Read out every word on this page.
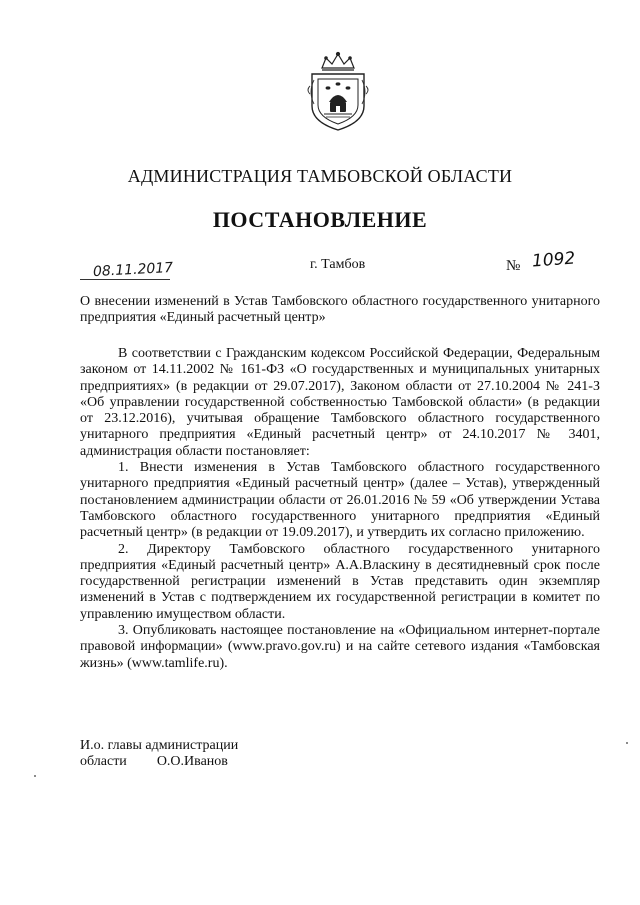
АДМИНИСТРАЦИЯ ТАМБОВСКОЙ ОБЛАСТИ
ПОСТАНОВЛЕНИЕ
08.11.2017	г. Тамбов	№ 1092
О внесении изменений в Устав Тамбовского областного государственного унитарного предприятия «Единый расчетный центр»

В соответствии с Гражданским кодексом Российской Федерации, Федеральным законом от 14.11.2002 № 161-ФЗ «О государственных и муниципальных унитарных предприятиях» (в редакции от 29.07.2017), Законом области от 27.10.2004 № 241-З «Об управлении государственной собственностью Тамбовской области» (в редакции от 23.12.2016), учитывая обращение Тамбовского областного государственного унитарного предприятия «Единый расчетный центр» от 24.10.2017 № 3401, администрация области постановляет:

1. Внести изменения в Устав Тамбовского областного государственного унитарного предприятия «Единый расчетный центр» (далее – Устав), утвержденный постановлением администрации области от 26.01.2016 № 59 «Об утверждении Устава Тамбовского областного государственного унитарного предприятия «Единый расчетный центр» (в редакции от 19.09.2017), и утвердить их согласно приложению.

2. Директору Тамбовского областного государственного унитарного предприятия «Единый расчетный центр» А.А.Власкину в десятидневный срок после государственной регистрации изменений в Устав представить один экземпляр изменений в Устав с подтверждением их государственной регистрации в комитет по управлению имуществом области.

3. Опубликовать настоящее постановление на «Официальном интернет-портале правовой информации» (www.pravo.gov.ru) и на сайте сетевого издания «Тамбовская жизнь» (www.tamlife.ru).

И.о. главы администрации
области О.О.Иванов
